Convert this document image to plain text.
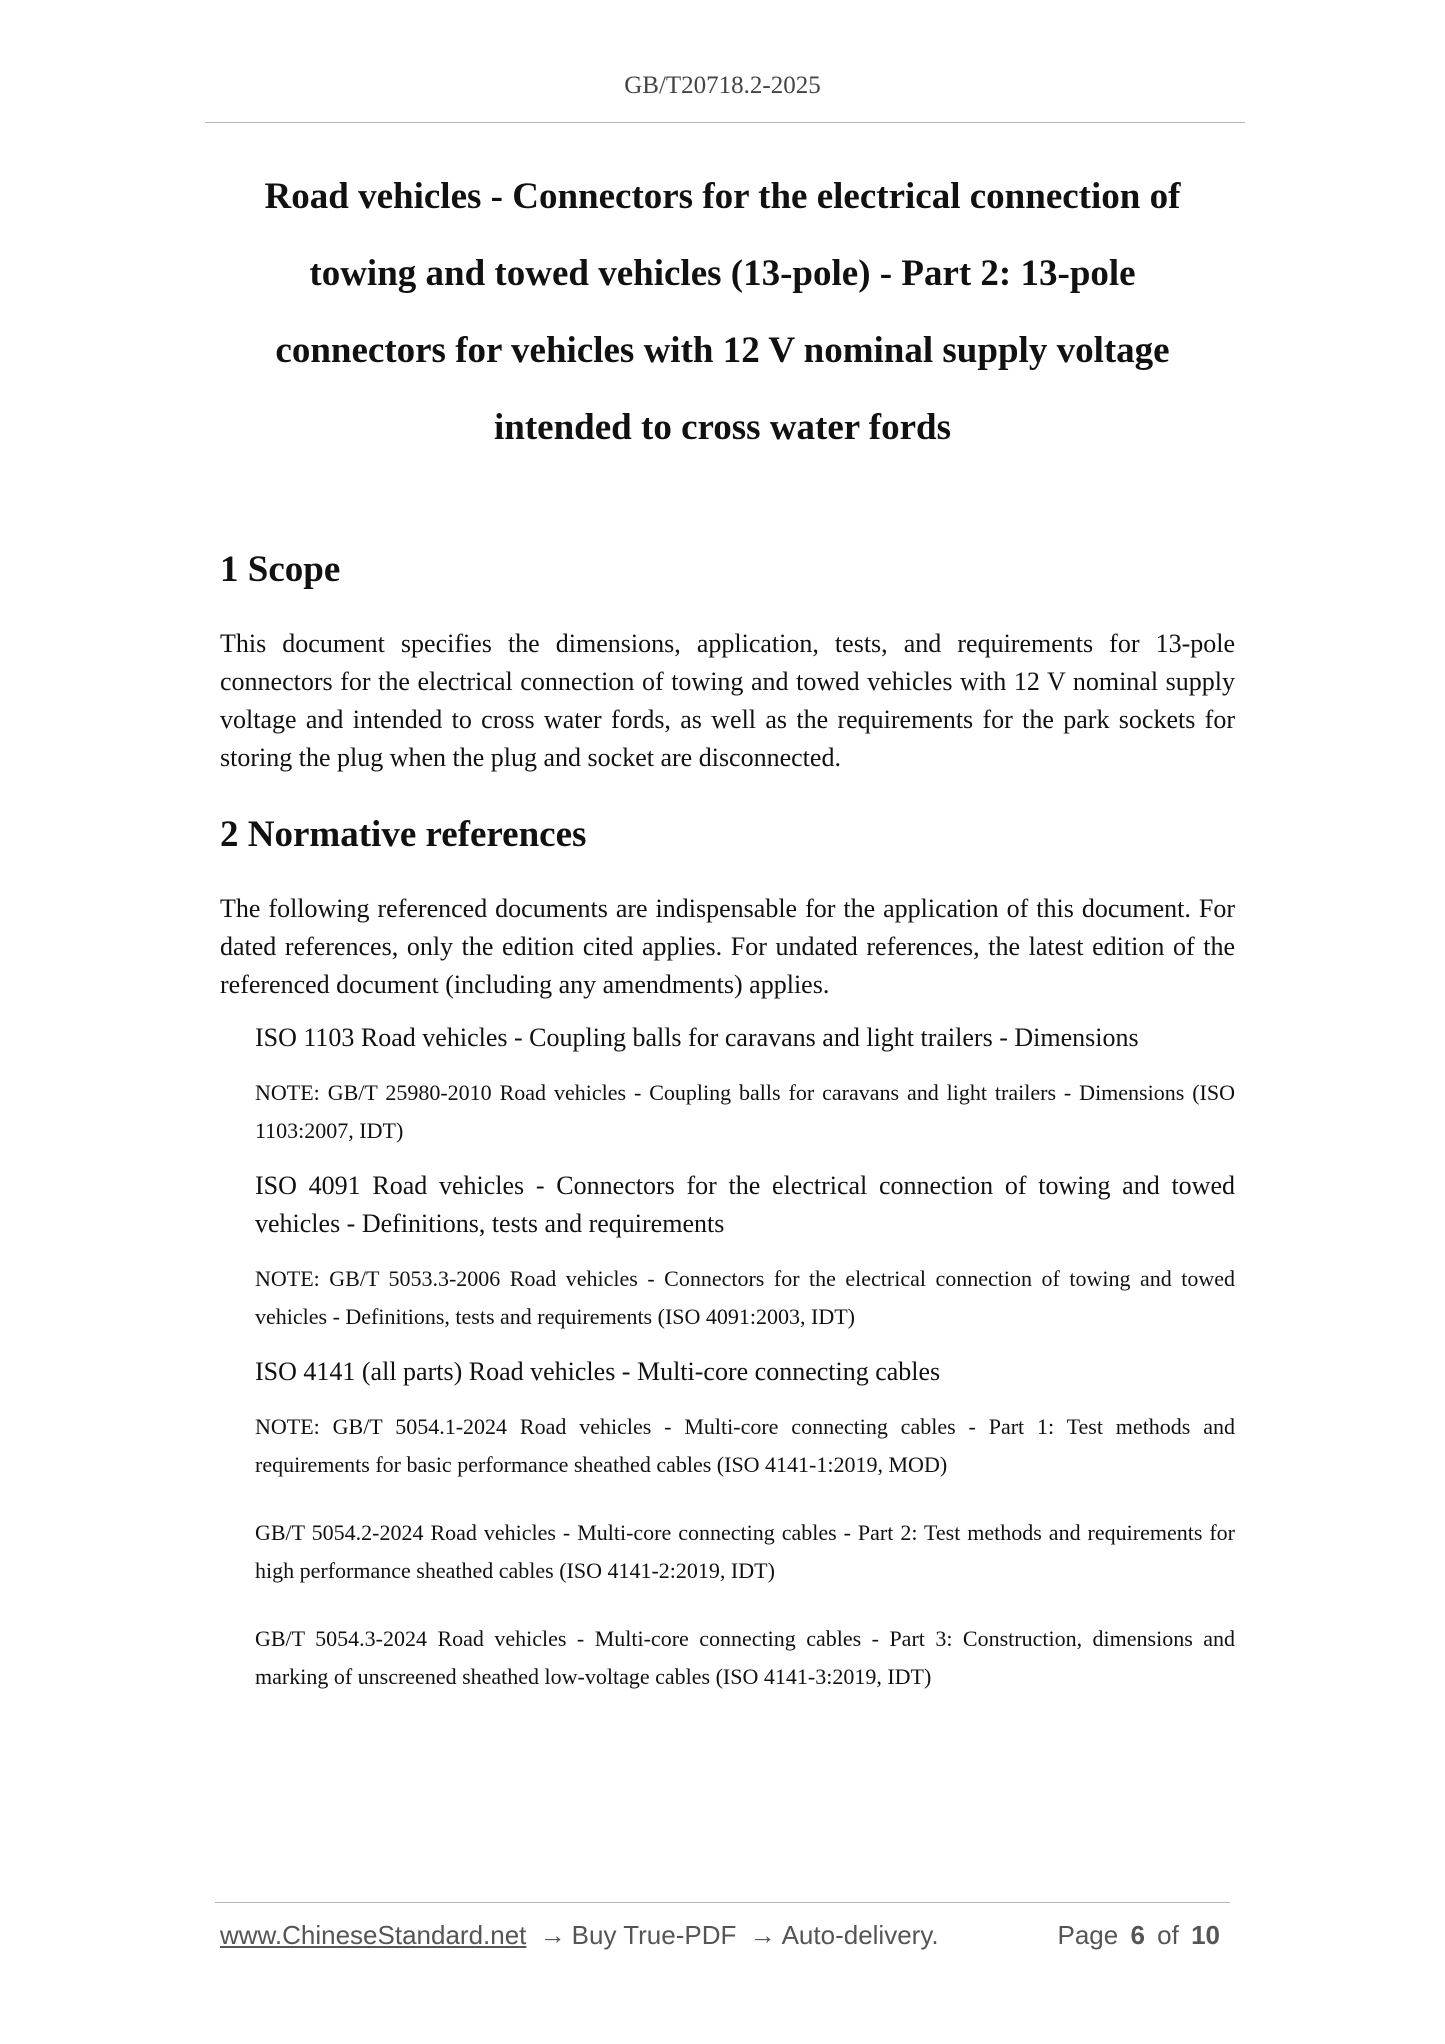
GB/T20718.2-2025
Road vehicles - Connectors for the electrical connection of towing and towed vehicles (13-pole) - Part 2: 13-pole connectors for vehicles with 12 V nominal supply voltage intended to cross water fords
1 Scope

This document specifies the dimensions, application, tests, and requirements for 13-pole connectors for the electrical connection of towing and towed vehicles with 12 V nominal supply voltage and intended to cross water fords, as well as the requirements for the park sockets for storing the plug when the plug and socket are disconnected.

2 Normative references

The following referenced documents are indispensable for the application of this document. For dated references, only the edition cited applies. For undated references, the latest edition of the referenced document (including any amendments) applies.

ISO 1103 Road vehicles - Coupling balls for caravans and light trailers - Dimensions

NOTE: GB/T 25980-2010 Road vehicles - Coupling balls for caravans and light trailers - Dimensions (ISO 1103:2007, IDT)

ISO 4091 Road vehicles - Connectors for the electrical connection of towing and towed vehicles - Definitions, tests and requirements

NOTE: GB/T 5053.3-2006 Road vehicles - Connectors for the electrical connection of towing and towed vehicles - Definitions, tests and requirements (ISO 4091:2003, IDT)

ISO 4141 (all parts) Road vehicles - Multi-core connecting cables

NOTE: GB/T 5054.1-2024 Road vehicles - Multi-core connecting cables - Part 1: Test methods and requirements for basic performance sheathed cables (ISO 4141-1:2019, MOD)

GB/T 5054.2-2024 Road vehicles - Multi-core connecting cables - Part 2: Test methods and requirements for high performance sheathed cables (ISO 4141-2:2019, IDT)

GB/T 5054.3-2024 Road vehicles - Multi-core connecting cables - Part 3: Construction, dimensions and marking of unscreened sheathed low-voltage cables (ISO 4141-3:2019, IDT)

www.ChineseStandard.net → Buy True-PDF → Auto-delivery.	Page 6 of 10
